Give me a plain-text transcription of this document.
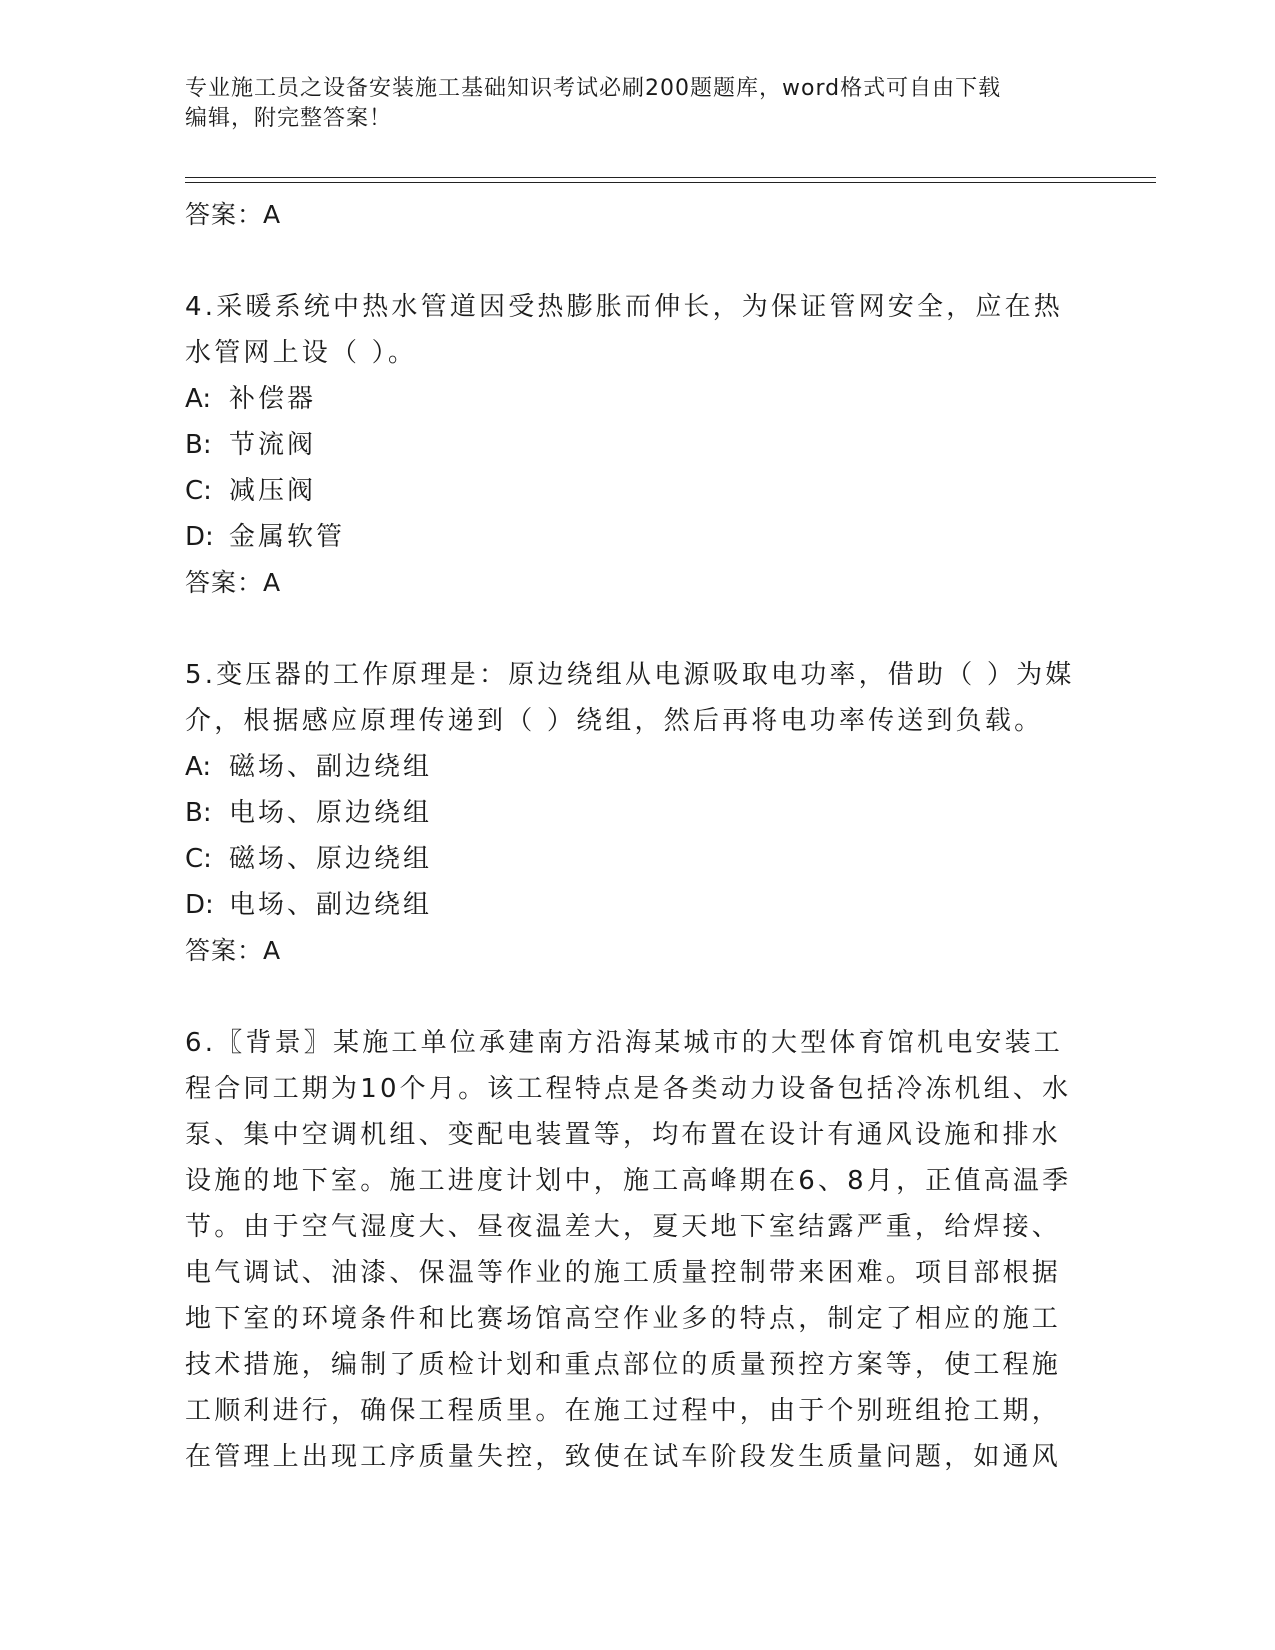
专业施工员之设备安装施工基础知识考试必刷200题题库，word格式可自由下载
编辑，附完整答案！

答案：A

4.采暖系统中热水管道因受热膨胀而伸长，为保证管网安全，应在热

水管网上设（ ）。

A: 补偿器

B: 节流阀

C: 减压阀

D: 金属软管

答案：A

5.变压器的工作原理是：原边绕组从电源吸取电功率，借助（ ）为媒

介，根据感应原理传递到（ ）绕组，然后再将电功率传送到负载。

A: 磁场、副边绕组

B: 电场、原边绕组

C: 磁场、原边绕组

D: 电场、副边绕组

答案：A

6.〖背景〗某施工单位承建南方沿海某城市的大型体育馆机电安装工

程合同工期为10个月。该工程特点是各类动力设备包括冷冻机组、水

泵、集中空调机组、变配电装置等，均布置在设计有通风设施和排水

设施的地下室。施工进度计划中，施工高峰期在6、8月，正值高温季

节。由于空气湿度大、昼夜温差大，夏天地下室结露严重，给焊接、

电气调试、油漆、保温等作业的施工质量控制带来困难。项目部根据

地下室的环境条件和比赛场馆高空作业多的特点，制定了相应的施工

技术措施，编制了质检计划和重点部位的质量预控方案等，使工程施

工顺利进行，确保工程质里。在施工过程中，由于个别班组抢工期，

在管理上出现工序质量失控，致使在试车阶段发生质量问题，如通风
